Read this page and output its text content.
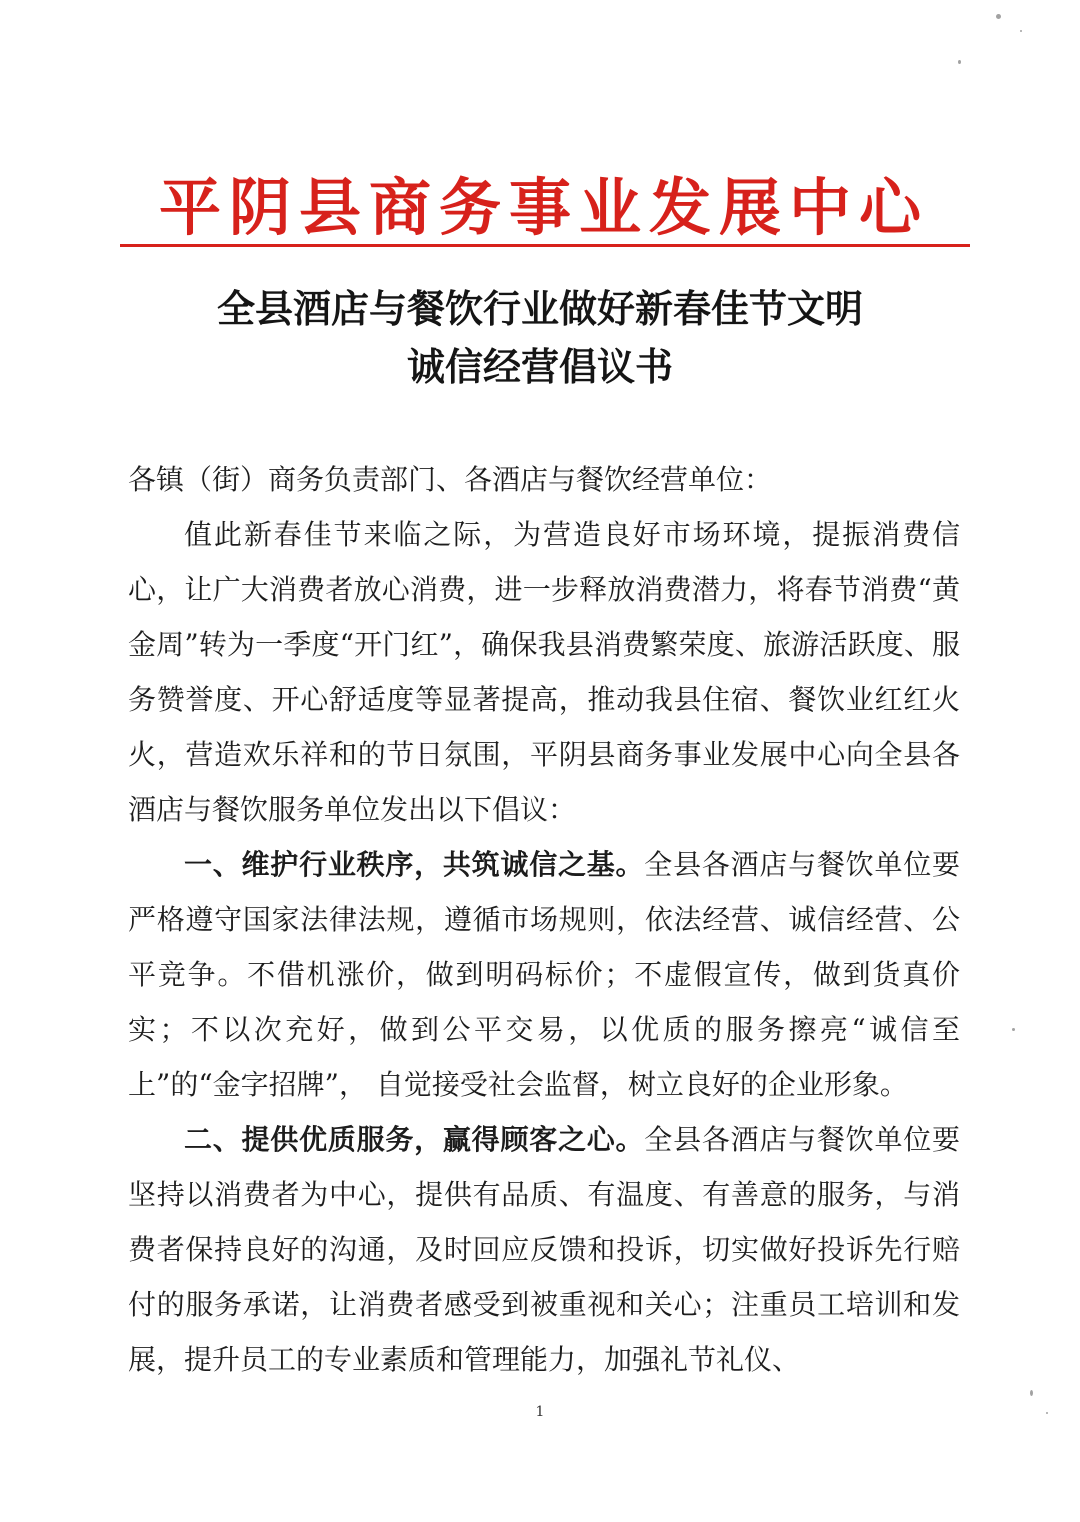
平阴县商务事业发展中心
全县酒店与餐饮行业做好新春佳节文明
诚信经营倡议书

各镇（街）商务负责部门、各酒店与餐饮经营单位：

值此新春佳节来临之际，为营造良好市场环境，提振消费信心，让广大消费者放心消费，进一步释放消费潜力，将春节消费“黄金周”转为一季度“开门红”，确保我县消费繁荣度、旅游活跃度、服务赞誉度、开心舒适度等显著提高，推动我县住宿、餐饮业红红火火，营造欢乐祥和的节日氛围，平阴县商务事业发展中心向全县各酒店与餐饮服务单位发出以下倡议：

一、维护行业秩序，共筑诚信之基。全县各酒店与餐饮单位要严格遵守国家法律法规，遵循市场规则，依法经营、诚信经营、公平竞争。不借机涨价，做到明码标价；不虚假宣传，做到货真价实；不以次充好，做到公平交易，以优质的服务擦亮“诚信至上”的“金字招牌”， 自觉接受社会监督，树立良好的企业形象。

二、提供优质服务，赢得顾客之心。全县各酒店与餐饮单位要坚持以消费者为中心，提供有品质、有温度、有善意的服务，与消费者保持良好的沟通，及时回应反馈和投诉，切实做好投诉先行赔付的服务承诺，让消费者感受到被重视和关心；注重员工培训和发展，提升员工的专业素质和管理能力，加强礼节礼仪、

1
